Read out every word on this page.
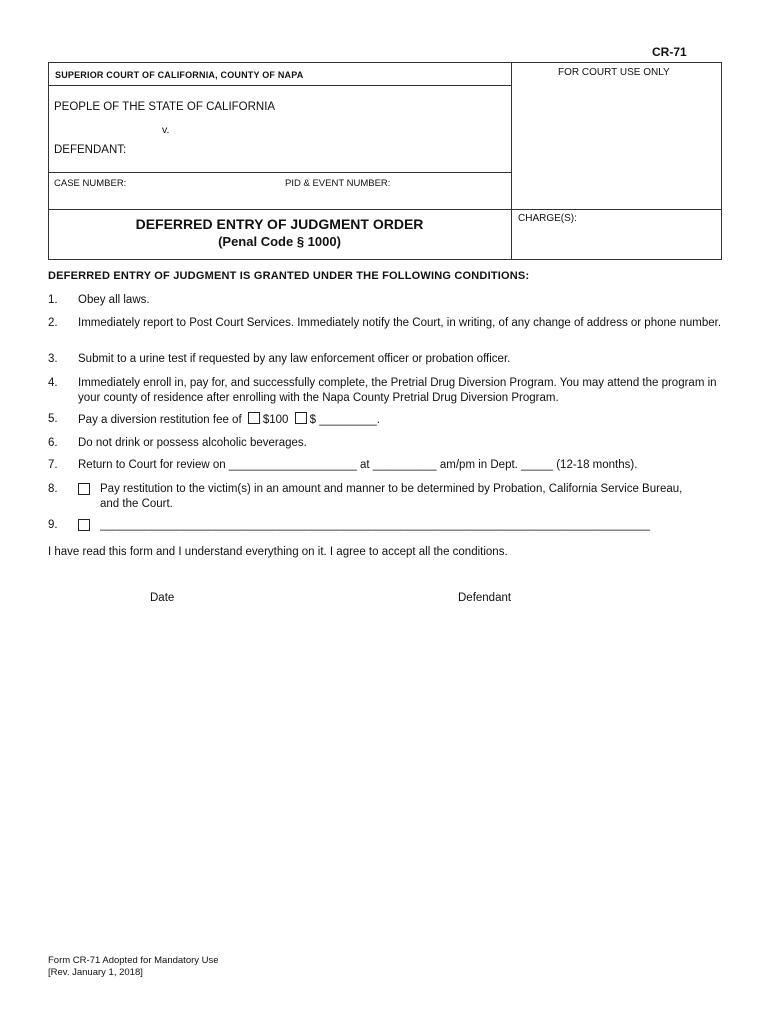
CR-71
SUPERIOR COURT OF CALIFORNIA, COUNTY OF NAPA	FOR COURT USE ONLY
PEOPLE OF THE STATE OF CALIFORNIA
v.
DEFENDANT:
CASE NUMBER:	PID & EVENT NUMBER:
DEFERRED ENTRY OF JUDGMENT ORDER
(Penal Code § 1000)
CHARGE(S):
DEFERRED ENTRY OF JUDGMENT IS GRANTED UNDER THE FOLLOWING CONDITIONS:
1. Obey all laws.
2. Immediately report to Post Court Services. Immediately notify the Court, in writing, of any change of address or phone number.
3. Submit to a urine test if requested by any law enforcement officer or probation officer.
4. Immediately enroll in, pay for, and successfully complete, the Pretrial Drug Diversion Program. You may attend the program in your county of residence after enrolling with the Napa County Pretrial Drug Diversion Program.
5. Pay a diversion restitution fee of $100 $ _________.
6. Do not drink or possess alcoholic beverages.
7. Return to Court for review on ____________________ at __________ am/pm in Dept. _____ (12-18 months).
8.	Pay restitution to the victim(s) in an amount and manner to be determined by Probation, California Service Bureau, and the Court.
9.	______________________________________________________________________________________
I have read this form and I understand everything on it. I agree to accept all the conditions.
Date	Defendant
Form CR-71 Adopted for Mandatory Use
[Rev. January 1, 2018]
